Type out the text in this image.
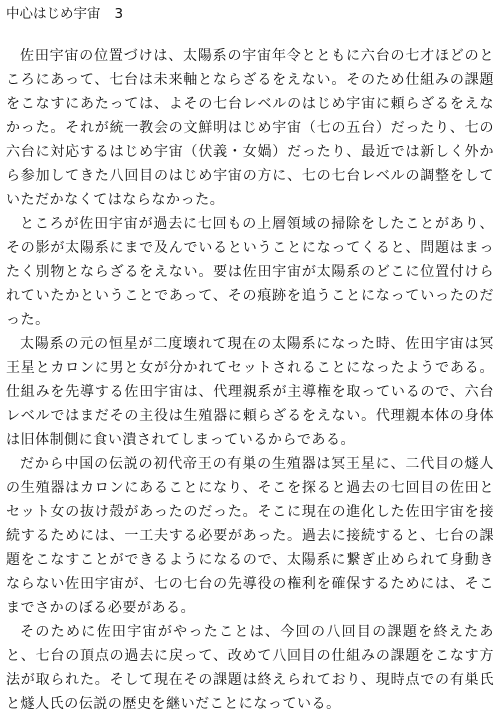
中心はじめ宇宙 3

佐田宇宙の位置づけは、太陽系の宇宙年令とともに六台の七才ほどのところにあって、七台は未来軸とならざるをえない。そのため仕組みの課題をこなすにあたっては、よその七台レベルのはじめ宇宙に頼らざるをえなかった。それが統一教会の文鮮明はじめ宇宙（七の五台）だったり、七の六台に対応するはじめ宇宙（伏義・女媧）だったり、最近では新しく外から参加してきた八回目のはじめ宇宙の方に、七の七台レベルの調整をしていただかなくてはならなかった。

ところが佐田宇宙が過去に七回もの上層領域の掃除をしたことがあり、その影が太陽系にまで及んでいるということになってくると、問題はまったく別物とならざるをえない。要は佐田宇宙が太陽系のどこに位置付けられていたかということであって、その痕跡を追うことになっていったのだった。

太陽系の元の恒星が二度壊れて現在の太陽系になった時、佐田宇宙は冥王星とカロンに男と女が分かれてセットされることになったようである。仕組みを先導する佐田宇宙は、代理親系が主導権を取っているので、六台レベルではまだその主役は生殖器に頼らざるをえない。代理親本体の身体は旧体制側に食い潰されてしまっているからである。

だから中国の伝説の初代帝王の有巣の生殖器は冥王星に、二代目の燧人の生殖器はカロンにあることになり、そこを探ると過去の七回目の佐田とセット女の抜け殻があったのだった。そこに現在の進化した佐田宇宙を接続するためには、一工夫する必要があった。過去に接続すると、七台の課題をこなすことができるようになるので、太陽系に繋ぎ止められて身動きならない佐田宇宙が、七の七台の先導役の権利を確保するためには、そこまでさかのぼる必要がある。

そのために佐田宇宙がやったことは、今回の八回目の課題を終えたあと、七台の頂点の過去に戻って、改めて八回目の仕組みの課題をこなす方法が取られた。そして現在その課題は終えられており、現時点での有巣氏と燧人氏の伝説の歴史を継いだことになっている。
